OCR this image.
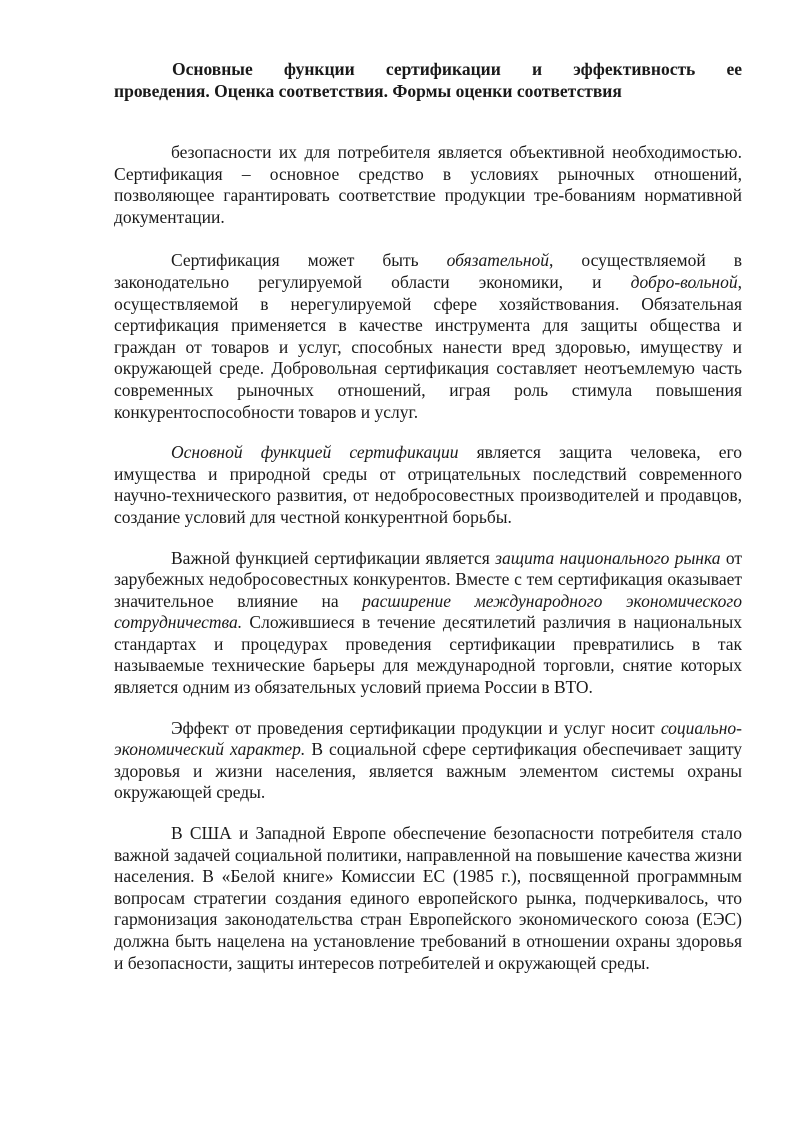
Основные функции сертификации и эффективность ее
проведения. Оценка соответствия. Формы оценки соответствия

безопасности их для потребителя является объективной необходимостью. Сертификация – основное средство в условиях рыночных отношений, позволяющее гарантировать соответствие продукции тре-бованиям нормативной документации.

Сертификация может быть обязательной, осуществляемой в законодательно регулируемой области экономики, и добро-вольной, осуществляемой в нерегулируемой сфере хозяйствования. Обязательная сертификация применяется в качестве инструмента для защиты общества и граждан от товаров и услуг, способных нанести вред здоровью, имуществу и окружающей среде. Добровольная сертификация составляет неотъемлемую часть современных рыночных отношений, играя роль стимула повышения конкурентоспособности товаров и услуг.

Основной функцией сертификации является защита человека, его имущества и природной среды от отрицательных последствий современного научно-технического развития, от недобросовестных производителей и продавцов, создание условий для честной конкурентной борьбы.

Важной функцией сертификации является защита национального рынка от зарубежных недобросовестных конкурентов. Вместе с тем сертификация оказывает значительное влияние на расширение международного экономического сотрудничества. Сложившиеся в течение десятилетий различия в национальных стандартах и процедурах проведения сертификации превратились в так называемые технические барьеры для международной торговли, снятие которых является одним из обязательных условий приема России в ВТО.

Эффект от проведения сертификации продукции и услуг носит социально-экономический характер. В социальной сфере сертификация обеспечивает защиту здоровья и жизни населения, является важным элементом системы охраны окружающей среды.

В США и Западной Европе обеспечение безопасности потребителя стало важной задачей социальной политики, направленной на повышение качества жизни населения. В «Белой книге» Комиссии ЕС (1985 г.), посвященной программным вопросам стратегии создания единого европейского рынка, подчеркивалось, что гармонизация законодательства стран Европейского экономического союза (ЕЭС) должна быть нацелена на установление требований в отношении охраны здоровья и безопасности, защиты интересов потребителей и окружающей среды.
